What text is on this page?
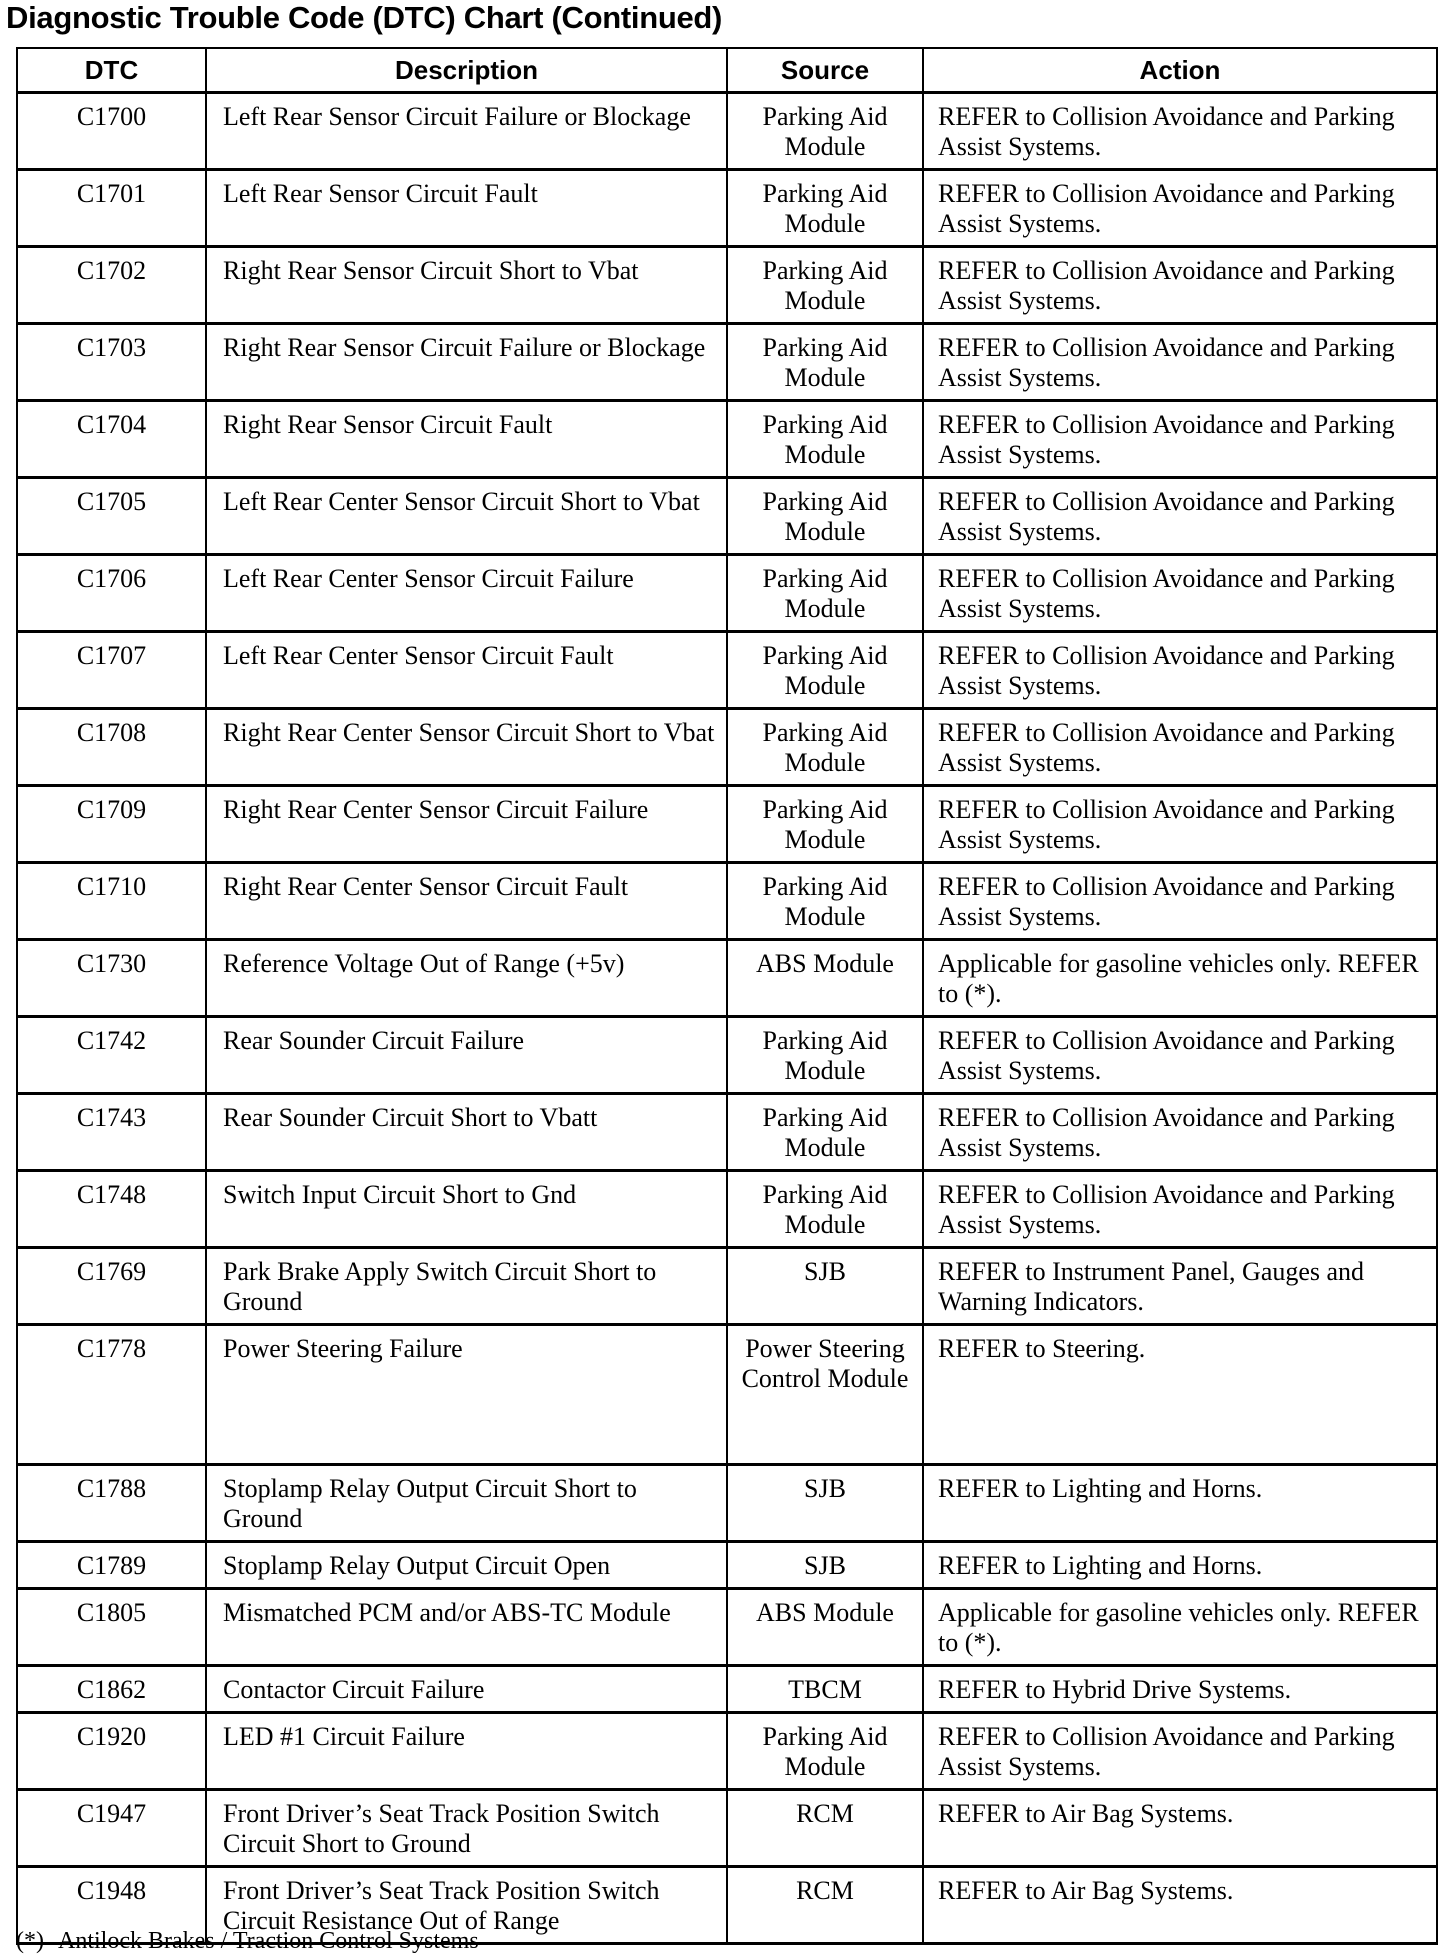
Diagnostic Trouble Code (DTC) Chart (Continued)
DTC	Description	Source	Action
C1700	Left Rear Sensor Circuit Failure or Blockage	Parking Aid Module	REFER to Collision Avoidance and Parking Assist Systems.
C1701	Left Rear Sensor Circuit Fault	Parking Aid Module	REFER to Collision Avoidance and Parking Assist Systems.
C1702	Right Rear Sensor Circuit Short to Vbat	Parking Aid Module	REFER to Collision Avoidance and Parking Assist Systems.
C1703	Right Rear Sensor Circuit Failure or Blockage	Parking Aid Module	REFER to Collision Avoidance and Parking Assist Systems.
C1704	Right Rear Sensor Circuit Fault	Parking Aid Module	REFER to Collision Avoidance and Parking Assist Systems.
C1705	Left Rear Center Sensor Circuit Short to Vbat	Parking Aid Module	REFER to Collision Avoidance and Parking Assist Systems.
C1706	Left Rear Center Sensor Circuit Failure	Parking Aid Module	REFER to Collision Avoidance and Parking Assist Systems.
C1707	Left Rear Center Sensor Circuit Fault	Parking Aid Module	REFER to Collision Avoidance and Parking Assist Systems.
C1708	Right Rear Center Sensor Circuit Short to Vbat	Parking Aid Module	REFER to Collision Avoidance and Parking Assist Systems.
C1709	Right Rear Center Sensor Circuit Failure	Parking Aid Module	REFER to Collision Avoidance and Parking Assist Systems.
C1710	Right Rear Center Sensor Circuit Fault	Parking Aid Module	REFER to Collision Avoidance and Parking Assist Systems.
C1730	Reference Voltage Out of Range (+5v)	ABS Module	Applicable for gasoline vehicles only. REFER to (*).
C1742	Rear Sounder Circuit Failure	Parking Aid Module	REFER to Collision Avoidance and Parking Assist Systems.
C1743	Rear Sounder Circuit Short to Vbatt	Parking Aid Module	REFER to Collision Avoidance and Parking Assist Systems.
C1748	Switch Input Circuit Short to Gnd	Parking Aid Module	REFER to Collision Avoidance and Parking Assist Systems.
C1769	Park Brake Apply Switch Circuit Short to Ground	SJB	REFER to Instrument Panel, Gauges and Warning Indicators.
C1778	Power Steering Failure	Power Steering Control Module	REFER to Steering.
C1788	Stoplamp Relay Output Circuit Short to Ground	SJB	REFER to Lighting and Horns.
C1789	Stoplamp Relay Output Circuit Open	SJB	REFER to Lighting and Horns.
C1805	Mismatched PCM and/or ABS-TC Module	ABS Module	Applicable for gasoline vehicles only. REFER to (*).
C1862	Contactor Circuit Failure	TBCM	REFER to Hybrid Drive Systems.
C1920	LED #1 Circuit Failure	Parking Aid Module	REFER to Collision Avoidance and Parking Assist Systems.
C1947	Front Driver’s Seat Track Position Switch Circuit Short to Ground	RCM	REFER to Air Bag Systems.
C1948	Front Driver’s Seat Track Position Switch Circuit Resistance Out of Range	RCM	REFER to Air Bag Systems.
(*) Antilock Brakes / Traction Control Systems
